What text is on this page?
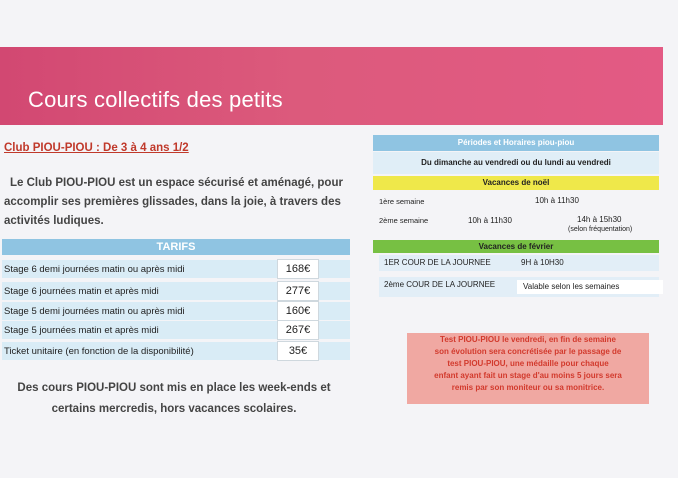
Cours collectifs des petits
Club PIOU-PIOU : De 3 à 4 ans 1/2
Le Club PIOU-PIOU est un espace sécurisé et aménagé, pour accomplir ses premières glissades, dans la joie, à travers des activités ludiques.
TARIFS
Stage 6 demi journées matin ou après midi	168€
Stage 6 journées matin et après midi	277€
Stage 5 demi journées matin ou après midi	160€
Stage 5 journées matin et après midi	267€
Ticket unitaire (en fonction de la disponibilité)	35€
Des cours PIOU-PIOU sont mis en place les week-ends et certains mercredis, hors vacances scolaires.
Périodes et Horaires piou-piou
Du dimanche au vendredi ou du lundi au vendredi
Vacances de noël
1ère semaine	10h à 11h30
2ème semaine	10h à 11h30	14h à 15h30
(selon fréquentation)
Vacances de février
1ER COUR DE LA JOURNEE	9H à 10H30
2ème COUR DE LA JOURNEE	Valable selon les semaines
Test PIOU-PIOU le vendredi, en fin de semaine
son évolution sera concrétisée par le passage de
test PIOU-PIOU, une médaille pour chaque
enfant ayant fait un stage d'au moins 5 jours sera
remis par son moniteur ou sa monitrice.
